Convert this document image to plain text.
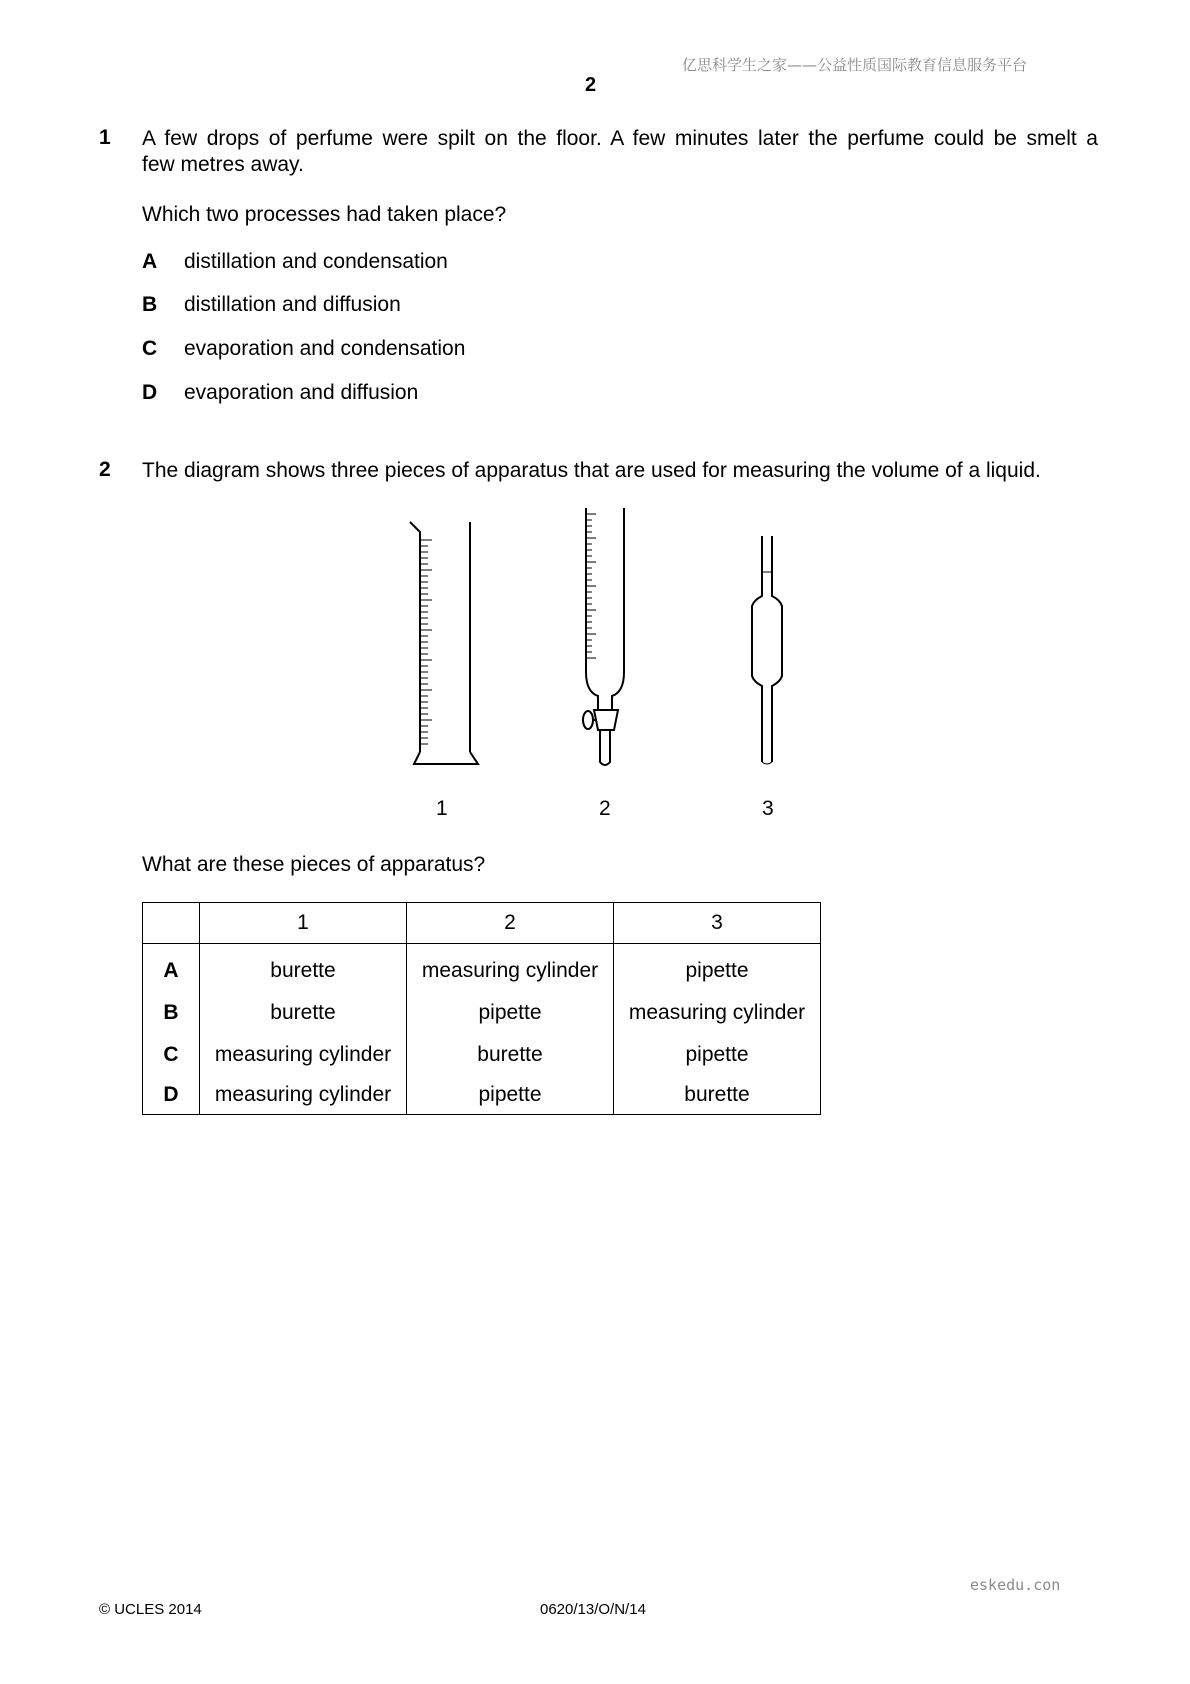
亿思科学生之家——公益性质国际教育信息服务平台
2
1 A few drops of perfume were spilt on the floor. A few minutes later the perfume could be smelt a
few metres away.
Which two processes had taken place?
A distillation and condensation
B distillation and diffusion
C evaporation and condensation
D evaporation and diffusion
2 The diagram shows three pieces of apparatus that are used for measuring the volume of a liquid.
1	2	3
What are these pieces of apparatus?
	1	2	3
A	burette	measuring cylinder	pipette
B	burette	pipette	measuring cylinder
C	measuring cylinder	burette	pipette
D	measuring cylinder	pipette	burette
eskedu.con
© UCLES 2014	0620/13/O/N/14
